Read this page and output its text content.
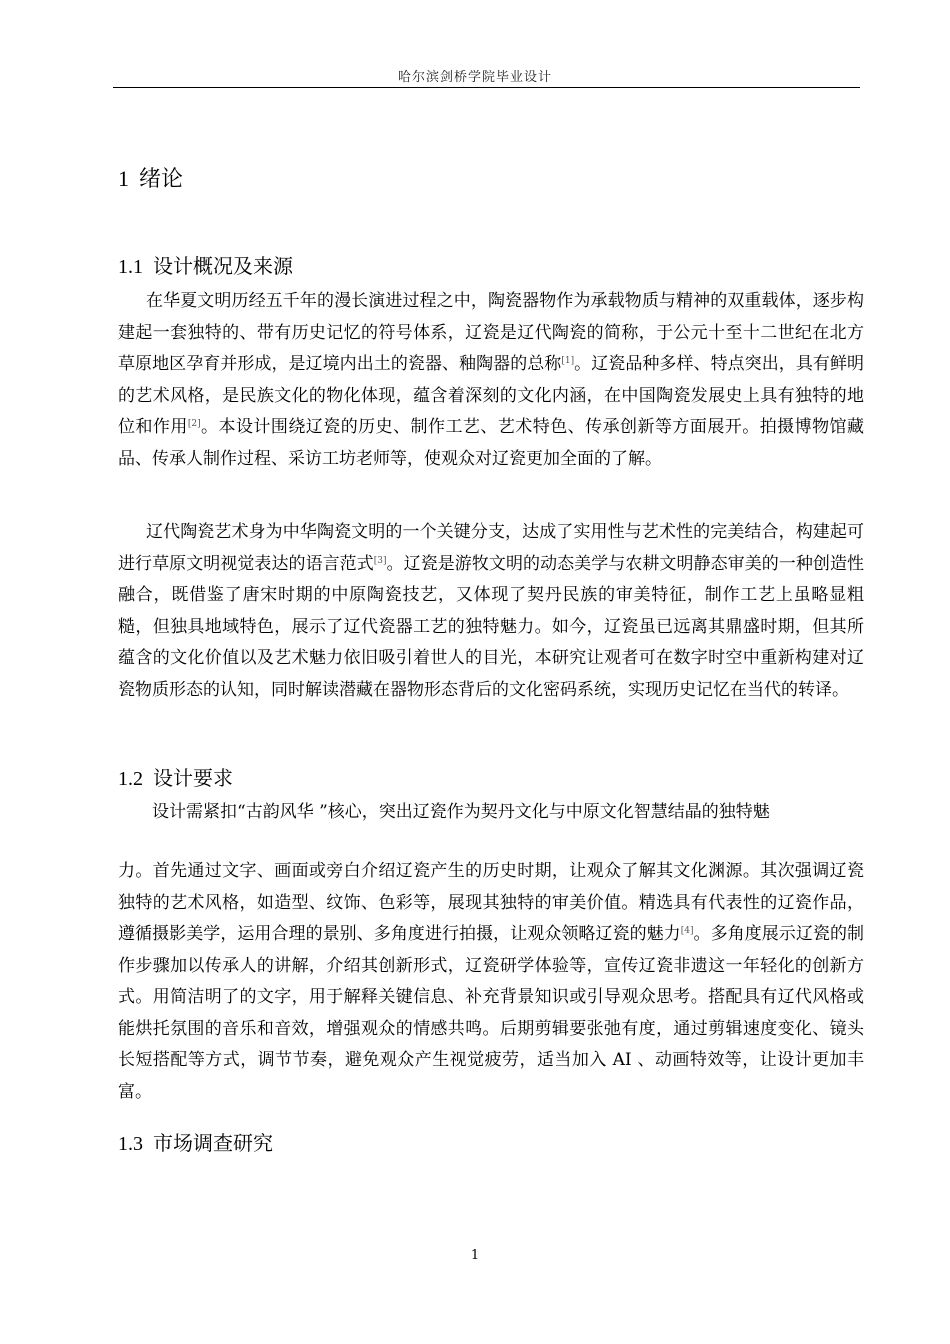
哈尔滨剑桥学院毕业设计
1 绪论
1.1 设计概况及来源
在华夏文明历经五千年的漫长演进过程之中，陶瓷器物作为承载物质与精神的双重载体，逐步构建起一套独特的、带有历史记忆的符号体系，辽瓷是辽代陶瓷的简称，于公元十至十二世纪在北方草原地区孕育并形成，是辽境内出土的瓷器、釉陶器的总称[1]。辽瓷品种多样、特点突出，具有鲜明的艺术风格，是民族文化的物化体现，蕴含着深刻的文化内涵，在中国陶瓷发展史上具有独特的地位和作用[2]。本设计围绕辽瓷的历史、制作工艺、艺术特色、传承创新等方面展开。拍摄博物馆藏品、传承人制作过程、采访工坊老师等，使观众对辽瓷更加全面的了解。
辽代陶瓷艺术身为中华陶瓷文明的一个关键分支，达成了实用性与艺术性的完美结合，构建起可进行草原文明视觉表达的语言范式[3]。辽瓷是游牧文明的动态美学与农耕文明静态审美的一种创造性融合，既借鉴了唐宋时期的中原陶瓷技艺，又体现了契丹民族的审美特征，制作工艺上虽略显粗糙，但独具地域特色，展示了辽代瓷器工艺的独特魅力。如今，辽瓷虽已远离其鼎盛时期，但其所蕴含的文化价值以及艺术魅力依旧吸引着世人的目光，本研究让观者可在数字时空中重新构建对辽瓷物质形态的认知，同时解读潜藏在器物形态背后的文化密码系统，实现历史记忆在当代的转译。
1.2 设计要求
设计需紧扣“古韵风华 ”核心，突出辽瓷作为契丹文化与中原文化智慧结晶的独特魅
力。首先通过文字、画面或旁白介绍辽瓷产生的历史时期，让观众了解其文化渊源。其次强调辽瓷独特的艺术风格，如造型、纹饰、色彩等，展现其独特的审美价值。精选具有代表性的辽瓷作品，遵循摄影美学，运用合理的景别、多角度进行拍摄，让观众领略辽瓷的魅力[4]。多角度展示辽瓷的制作步骤加以传承人的讲解，介绍其创新形式，辽瓷研学体验等，宣传辽瓷非遗这一年轻化的创新方式。用简洁明了的文字，用于解释关键信息、补充背景知识或引导观众思考。搭配具有辽代风格或能烘托氛围的音乐和音效，增强观众的情感共鸣。后期剪辑要张弛有度，通过剪辑速度变化、镜头长短搭配等方式，调节节奏，避免观众产生视觉疲劳，适当加入 AI 、动画特效等，让设计更加丰富。
1.3 市场调查研究
1
